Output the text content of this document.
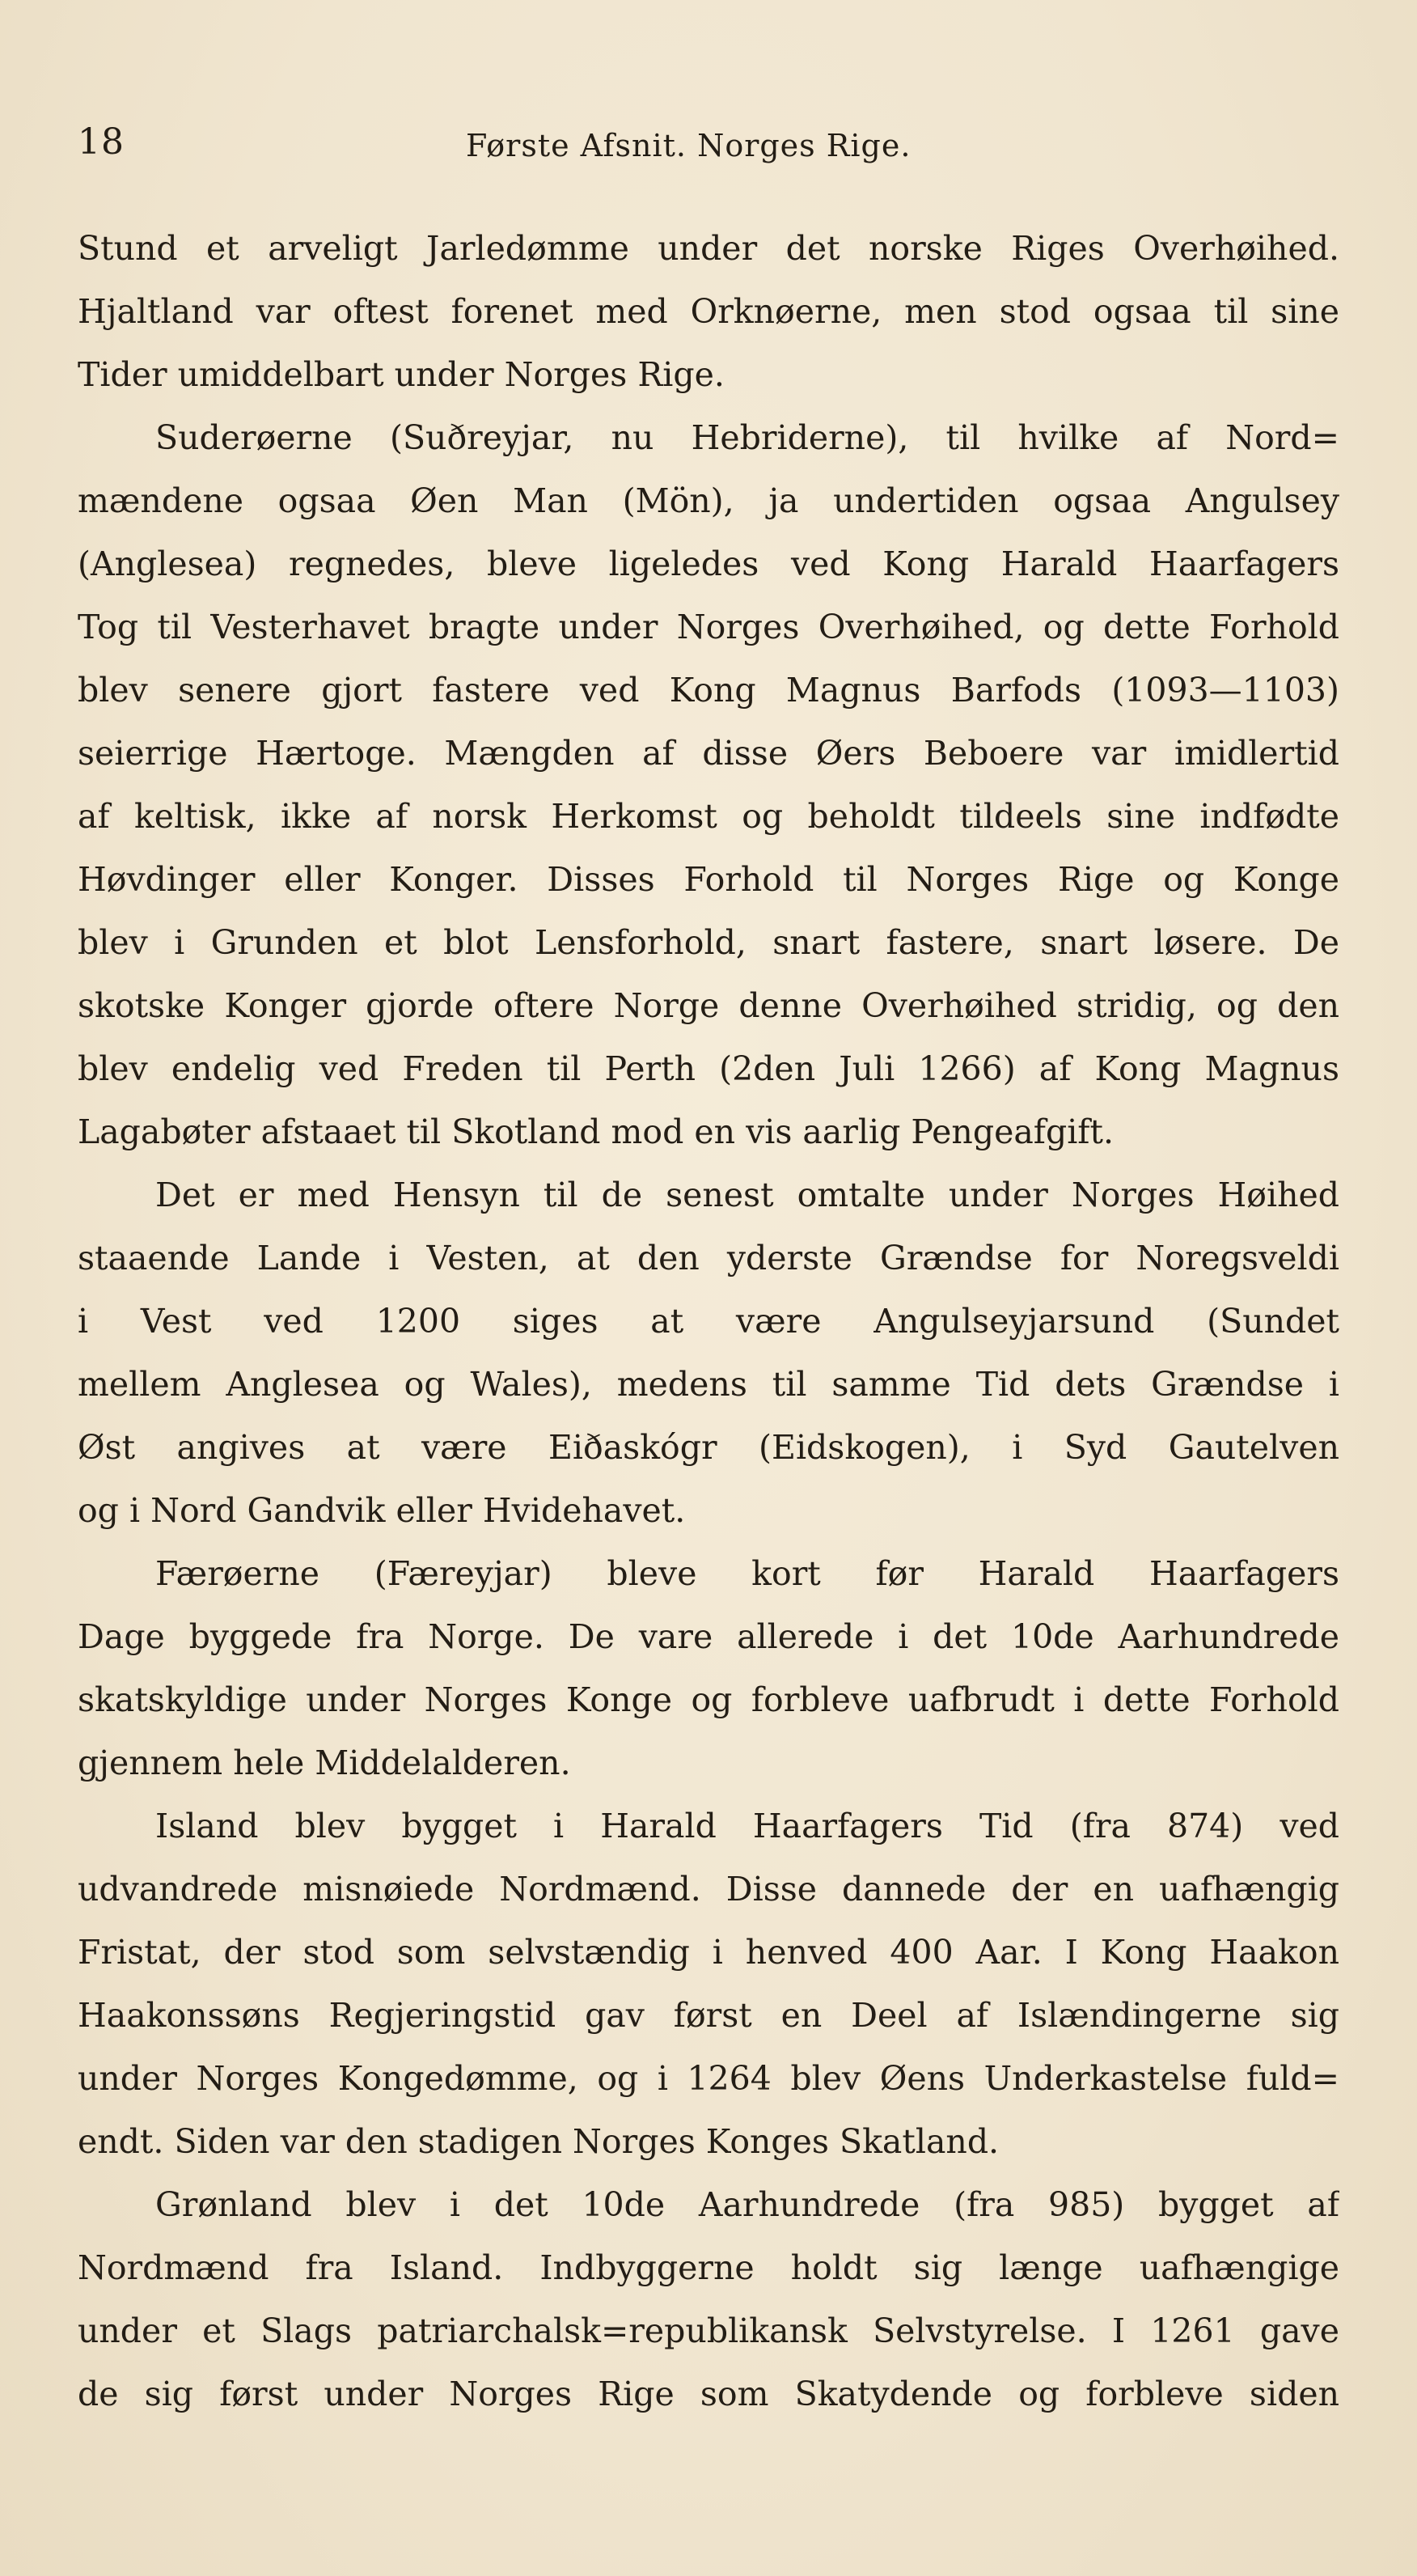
18	Første Afsnit. Norges Rige.
Stund et arveligt Jarledømme under det norske Riges Overhøihed.
Hjaltland var oftest forenet med Orknøerne, men stod ogsaa til sine
Tider umiddelbart under Norges Rige.
Suderøerne (Suðreyjar, nu Hebriderne), til hvilke af Nord=
mændene ogsaa Øen Man (Mön), ja undertiden ogsaa Angulsey
(Anglesea) regnedes, bleve ligeledes ved Kong Harald Haarfagers
Tog til Vesterhavet bragte under Norges Overhøihed, og dette Forhold
blev senere gjort fastere ved Kong Magnus Barfods (1093—1103)
seierrige Hærtoge. Mængden af disse Øers Beboere var imidlertid
af keltisk, ikke af norsk Herkomst og beholdt tildeels sine indfødte
Høvdinger eller Konger. Disses Forhold til Norges Rige og Konge
blev i Grunden et blot Lensforhold, snart fastere, snart løsere. De
skotske Konger gjorde oftere Norge denne Overhøihed stridig, og den
blev endelig ved Freden til Perth (2den Juli 1266) af Kong Magnus
Lagabøter afstaaet til Skotland mod en vis aarlig Pengeafgift.
Det er med Hensyn til de senest omtalte under Norges Høihed
staaende Lande i Vesten, at den yderste Grændse for Noregsveldi
i Vest ved 1200 siges at være Angulseyjarsund (Sundet
mellem Anglesea og Wales), medens til samme Tid dets Grændse i
Øst angives at være Eiðaskógr (Eidskogen), i Syd Gautelven
og i Nord Gandvik eller Hvidehavet.
Færøerne (Færeyjar) bleve kort før Harald Haarfagers
Dage byggede fra Norge. De vare allerede i det 10de Aarhundrede
skatskyldige under Norges Konge og forbleve uafbrudt i dette Forhold
gjennem hele Middelalderen.
Island blev bygget i Harald Haarfagers Tid (fra 874) ved
udvandrede misnøiede Nordmænd. Disse dannede der en uafhængig
Fristat, der stod som selvstændig i henved 400 Aar. I Kong Haakon
Haakonssøns Regjeringstid gav først en Deel af Islændingerne sig
under Norges Kongedømme, og i 1264 blev Øens Underkastelse fuld=
endt. Siden var den stadigen Norges Konges Skatland.
Grønland blev i det 10de Aarhundrede (fra 985) bygget af
Nordmænd fra Island. Indbyggerne holdt sig længe uafhængige
under et Slags patriarchalsk=republikansk Selvstyrelse. I 1261 gave
de sig først under Norges Rige som Skatydende og forbleve siden
